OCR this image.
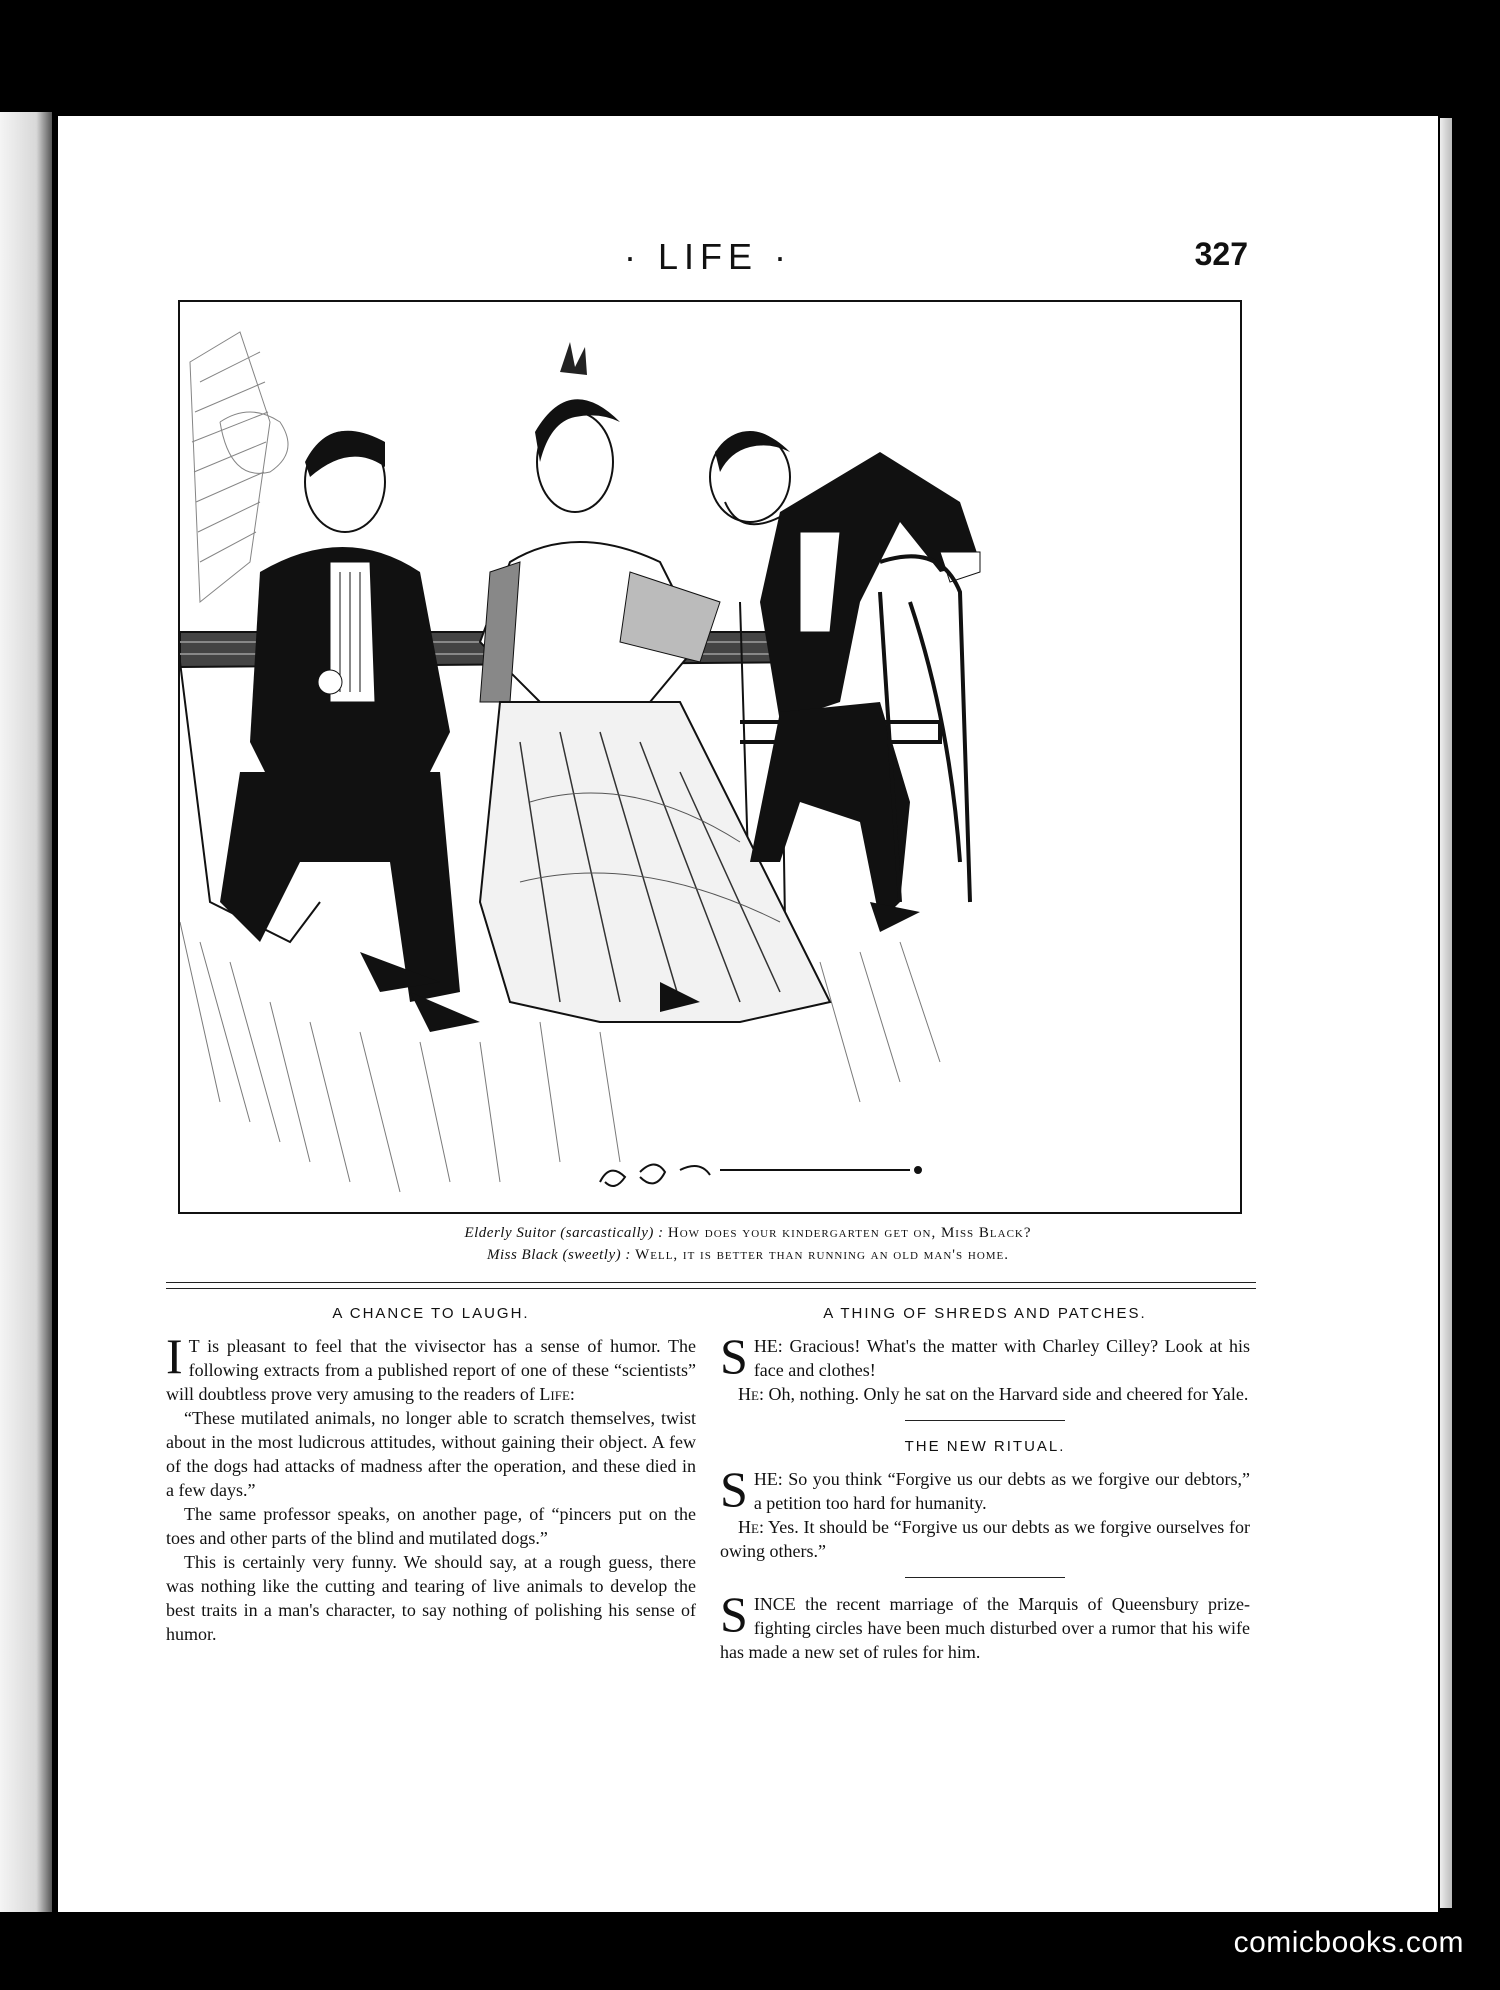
· LIFE ·	327
Elderly Suitor (sarcastically) : How does your kindergarten get on, Miss Black?
Miss Black (sweetly) : Well, it is better than running an old man's home.
A CHANCE TO LAUGH.

I T is pleasant to feel that the vivisector has a sense of humor. The following extracts from a published report of one of these “scientists” will doubtless prove very amusing to the readers of Life:

“These mutilated animals, no longer able to scratch themselves, twist about in the most ludicrous attitudes, without gaining their object. A few of the dogs had attacks of madness after the operation, and these died in a few days.”

The same professor speaks, on another page, of “pincers put on the toes and other parts of the blind and mutilated dogs.”

This is certainly very funny. We should say, at a rough guess, there was nothing like the cutting and tearing of live animals to develop the best traits in a man's character, to say nothing of polishing his sense of humor.

A THING OF SHREDS AND PATCHES.

SHE: Gracious! What's the matter with Charley Cilley? Look at his face and clothes!

He: Oh, nothing. Only he sat on the Harvard side and cheered for Yale.

THE NEW RITUAL.

SHE: So you think “Forgive us our debts as we forgive our debtors,” a petition too hard for humanity.

He: Yes. It should be “Forgive us our debts as we forgive ourselves for owing others.”

SINCE the recent marriage of the Marquis of Queensbury prize-fighting circles have been much disturbed over a rumor that his wife has made a new set of rules for him.

comicbooks.com
